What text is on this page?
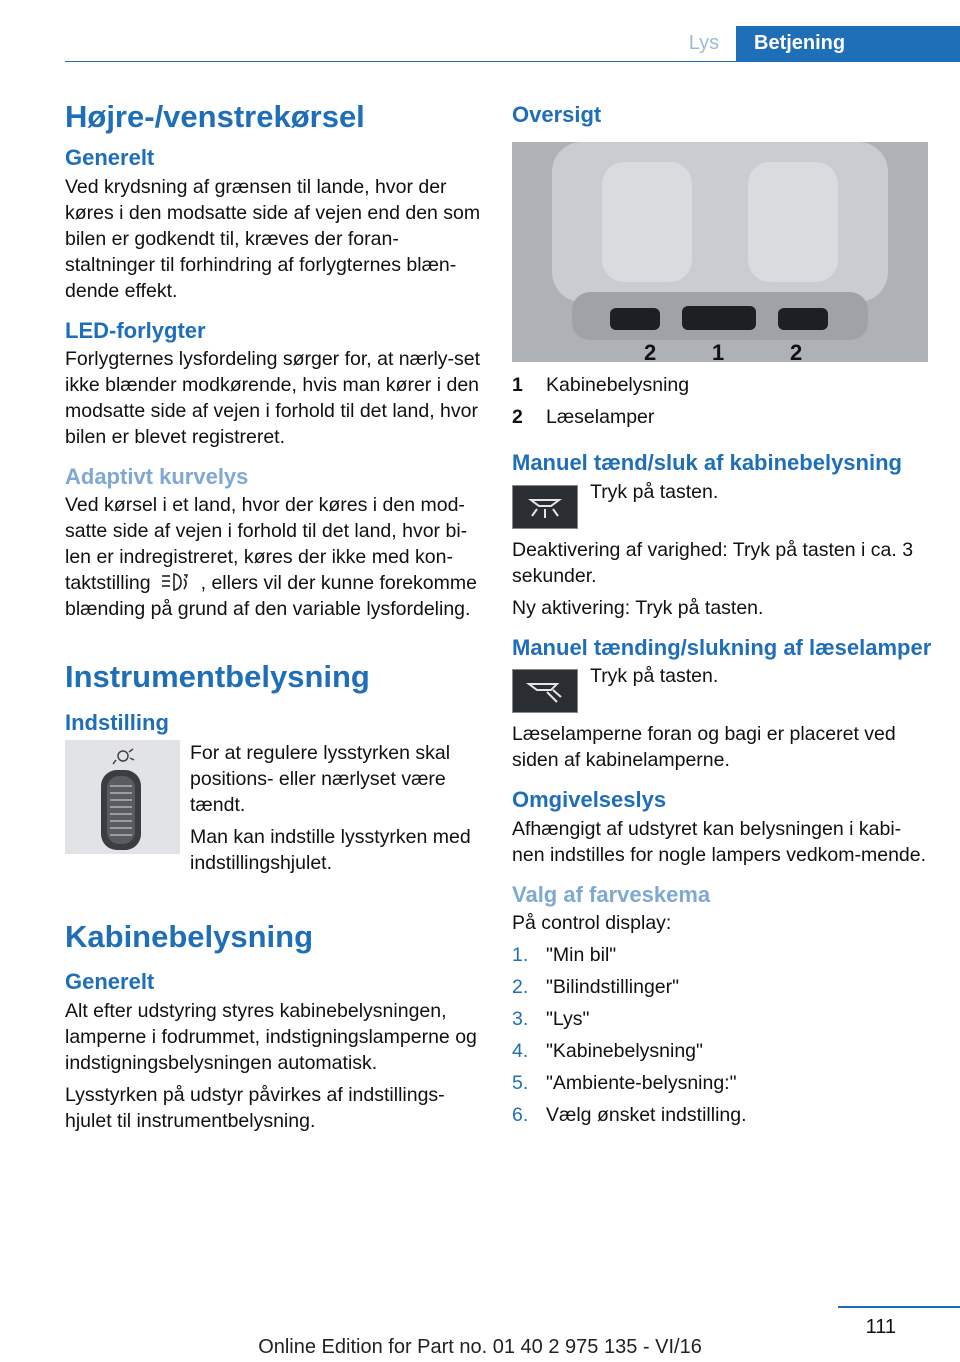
Lys	Betjening
Højre-/venstrekørsel
Generelt

Ved krydsning af grænsen til lande, hvor der køres i den modsatte side af vejen end den som bilen er godkendt til, kræves der foran-staltninger til forhindring af forlygternes blæn-dende effekt.

LED-forlygter

Forlygternes lysfordeling sørger for, at nærly-set ikke blænder modkørende, hvis man kører i den modsatte side af vejen i forhold til det land, hvor bilen er blevet registreret.

Adaptivt kurvelys

Ved kørsel i et land, hvor der køres i den mod-satte side af vejen i forhold til det land, hvor bi-len er indregistreret, køres der ikke med kon-taktstilling	, ellers vil der kunne forekomme blænding på grund af den variable lysfordeling.

Instrumentbelysning
Indstilling

For at regulere lysstyrken skal positions- eller nærlyset være tændt.

Man kan indstille lysstyrken med indstillingshjulet.

Kabinebelysning
Generelt

Alt efter udstyring styres kabinebelysningen, lamperne i fodrummet, indstigningslamperne og indstigningsbelysningen automatisk.

Lysstyrken på udstyr påvirkes af indstillings-hjulet til instrumentbelysning.

Oversigt
2	1	2
1	Kabinebelysning
2	Læselamper
Manuel tænd/sluk af kabinebelysning

Tryk på tasten.

Deaktivering af varighed: Tryk på tasten i ca. 3 sekunder.

Ny aktivering: Tryk på tasten.

Manuel tænding/slukning af læselamper

Tryk på tasten.

Læselamperne foran og bagi er placeret ved siden af kabinelamperne.

Omgivelseslys

Afhængigt af udstyret kan belysningen i kabi-nen indstilles for nogle lampers vedkom-mende.

Valg af farveskema

På control display:

1. "Min bil"
2. "Bilindstillinger"
3. "Lys"
4. "Kabinebelysning"
5. "Ambiente-belysning:"
6. Vælg ønsket indstilling.
111
Online Edition for Part no. 01 40 2 975 135 - VI/16
